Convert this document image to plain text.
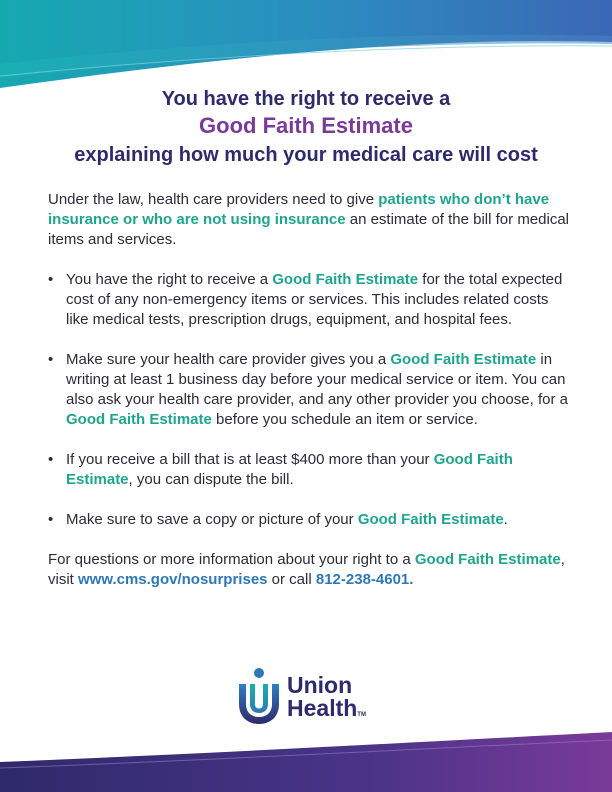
You have the right to receive a
Good Faith Estimate
explaining how much your medical care will cost

Under the law, health care providers need to give patients who don’t have insurance or who are not using insurance an estimate of the bill for medical items and services.

• You have the right to receive a Good Faith Estimate for the total expected cost of any non-emergency items or services. This includes related costs like medical tests, prescription drugs, equipment, and hospital fees.
• Make sure your health care provider gives you a Good Faith Estimate in writing at least 1 business day before your medical service or item. You can also ask your health care provider, and any other provider you choose, for a Good Faith Estimate before you schedule an item or service.
• If you receive a bill that is at least $400 more than your Good Faith Estimate, you can dispute the bill.
• Make sure to save a copy or picture of your Good Faith Estimate.

For questions or more information about your right to a Good Faith Estimate, visit www.cms.gov/nosurprises or call 812-238-4601.

Union
HealthTM
